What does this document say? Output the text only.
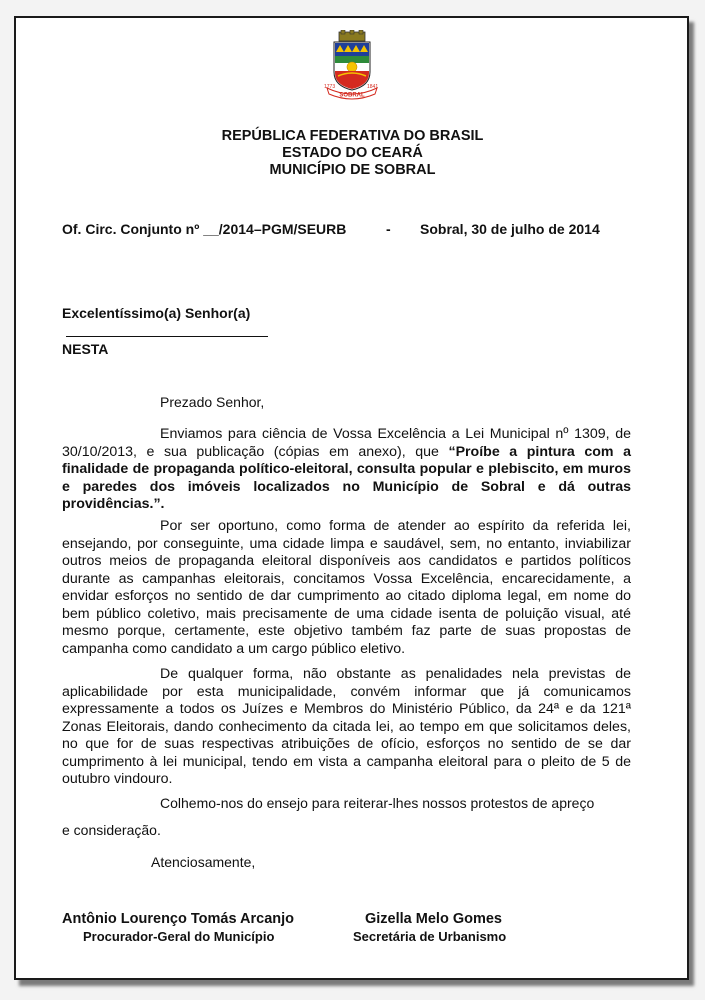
1773	1841
SOBRAL
REPÚBLICA FEDERATIVA DO BRASIL
ESTADO DO CEARÁ
MUNICÍPIO DE SOBRAL
Of. Circ. Conjunto nº __/2014–PGM/SEURB	- Sobral, 30 de julho de 2014
Excelentíssimo(a) Senhor(a)
NESTA
Prezado Senhor,
Enviamos para ciência de Vossa Excelência a Lei Municipal nº 1309, de 30/10/2013, e sua publicação (cópias em anexo), que “Proíbe a pintura com a finalidade de propaganda político-eleitoral, consulta popular e plebiscito, em muros e paredes dos imóveis localizados no Município de Sobral e dá outras providências.”.
Por ser oportuno, como forma de atender ao espírito da referida lei, ensejando, por conseguinte, uma cidade limpa e saudável, sem, no entanto, inviabilizar outros meios de propaganda eleitoral disponíveis aos candidatos e partidos políticos durante as campanhas eleitorais, concitamos Vossa Excelência, encarecidamente, a envidar esforços no sentido de dar cumprimento ao citado diploma legal, em nome do bem público coletivo, mais precisamente de uma cidade isenta de poluição visual, até mesmo porque, certamente, este objetivo também faz parte de suas propostas de campanha como candidato a um cargo público eletivo.
De qualquer forma, não obstante as penalidades nela previstas de aplicabilidade por esta municipalidade, convém informar que já comunicamos expressamente a todos os Juízes e Membros do Ministério Público, da 24ª e da 121ª Zonas Eleitorais, dando conhecimento da citada lei, ao tempo em que solicitamos deles, no que for de suas respectivas atribuições de ofício, esforços no sentido de se dar cumprimento à lei municipal, tendo em vista a campanha eleitoral para o pleito de 5 de outubro vindouro.
Colhemo-nos do ensejo para reiterar-lhes nossos protestos de apreço
e consideração.
Atenciosamente,
Antônio Lourenço Tomás Arcanjo
Procurador-Geral do Município
Gizella Melo Gomes
Secretária de Urbanismo
